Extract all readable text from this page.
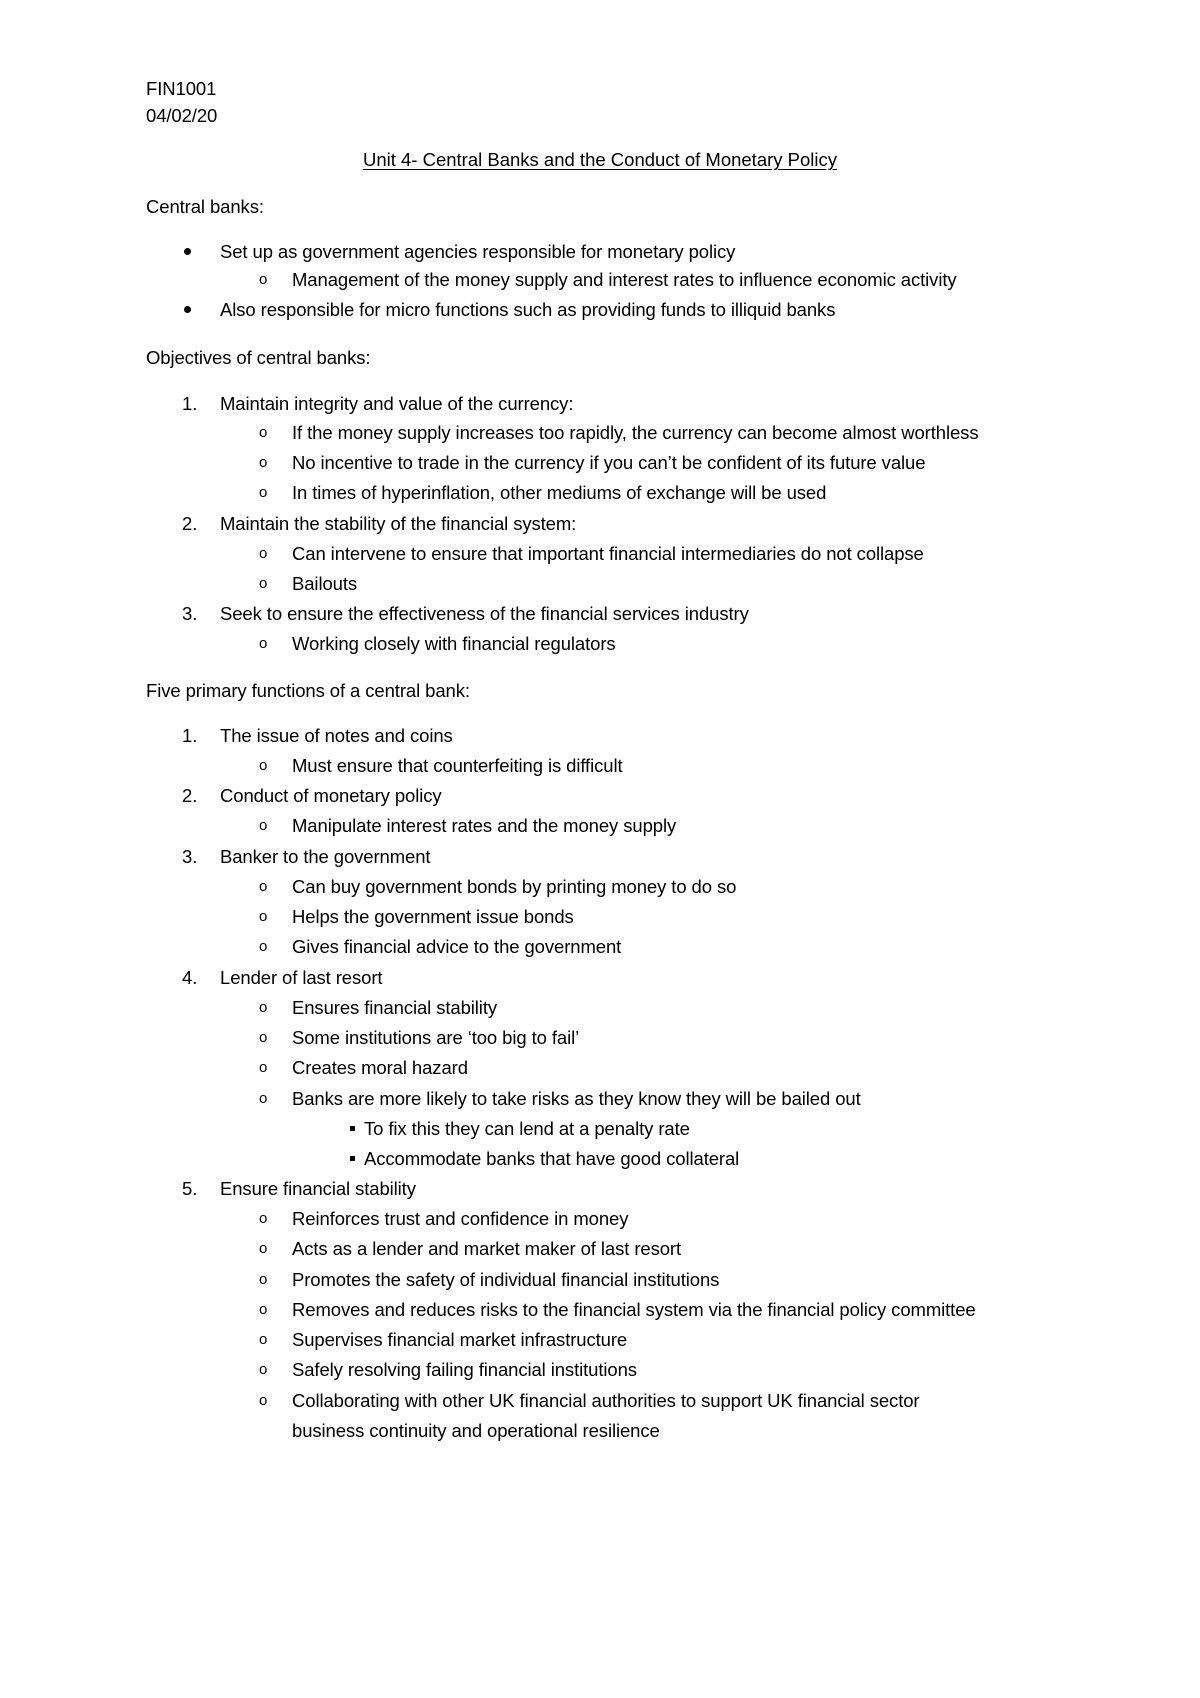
FIN1001
04/02/20
Unit 4- Central Banks and the Conduct of Monetary Policy
Central banks:
Set up as government agencies responsible for monetary policy
o Management of the money supply and interest rates to influence economic activity
Also responsible for micro functions such as providing funds to illiquid banks
Objectives of central banks:
1. Maintain integrity and value of the currency:
o If the money supply increases too rapidly, the currency can become almost worthless
o No incentive to trade in the currency if you can’t be confident of its future value
o In times of hyperinflation, other mediums of exchange will be used
2. Maintain the stability of the financial system:
o Can intervene to ensure that important financial intermediaries do not collapse
o Bailouts
3. Seek to ensure the effectiveness of the financial services industry
o Working closely with financial regulators
Five primary functions of a central bank:
1. The issue of notes and coins
o Must ensure that counterfeiting is difficult
2. Conduct of monetary policy
o Manipulate interest rates and the money supply
3. Banker to the government
o Can buy government bonds by printing money to do so
o Helps the government issue bonds
o Gives financial advice to the government
4. Lender of last resort
o Ensures financial stability
o Some institutions are ‘too big to fail’
o Creates moral hazard
o Banks are more likely to take risks as they know they will be bailed out
To fix this they can lend at a penalty rate
Accommodate banks that have good collateral
5. Ensure financial stability
o Reinforces trust and confidence in money
o Acts as a lender and market maker of last resort
o Promotes the safety of individual financial institutions
o Removes and reduces risks to the financial system via the financial policy committee
o Supervises financial market infrastructure
o Safely resolving failing financial institutions
o Collaborating with other UK financial authorities to support UK financial sector
business continuity and operational resilience
